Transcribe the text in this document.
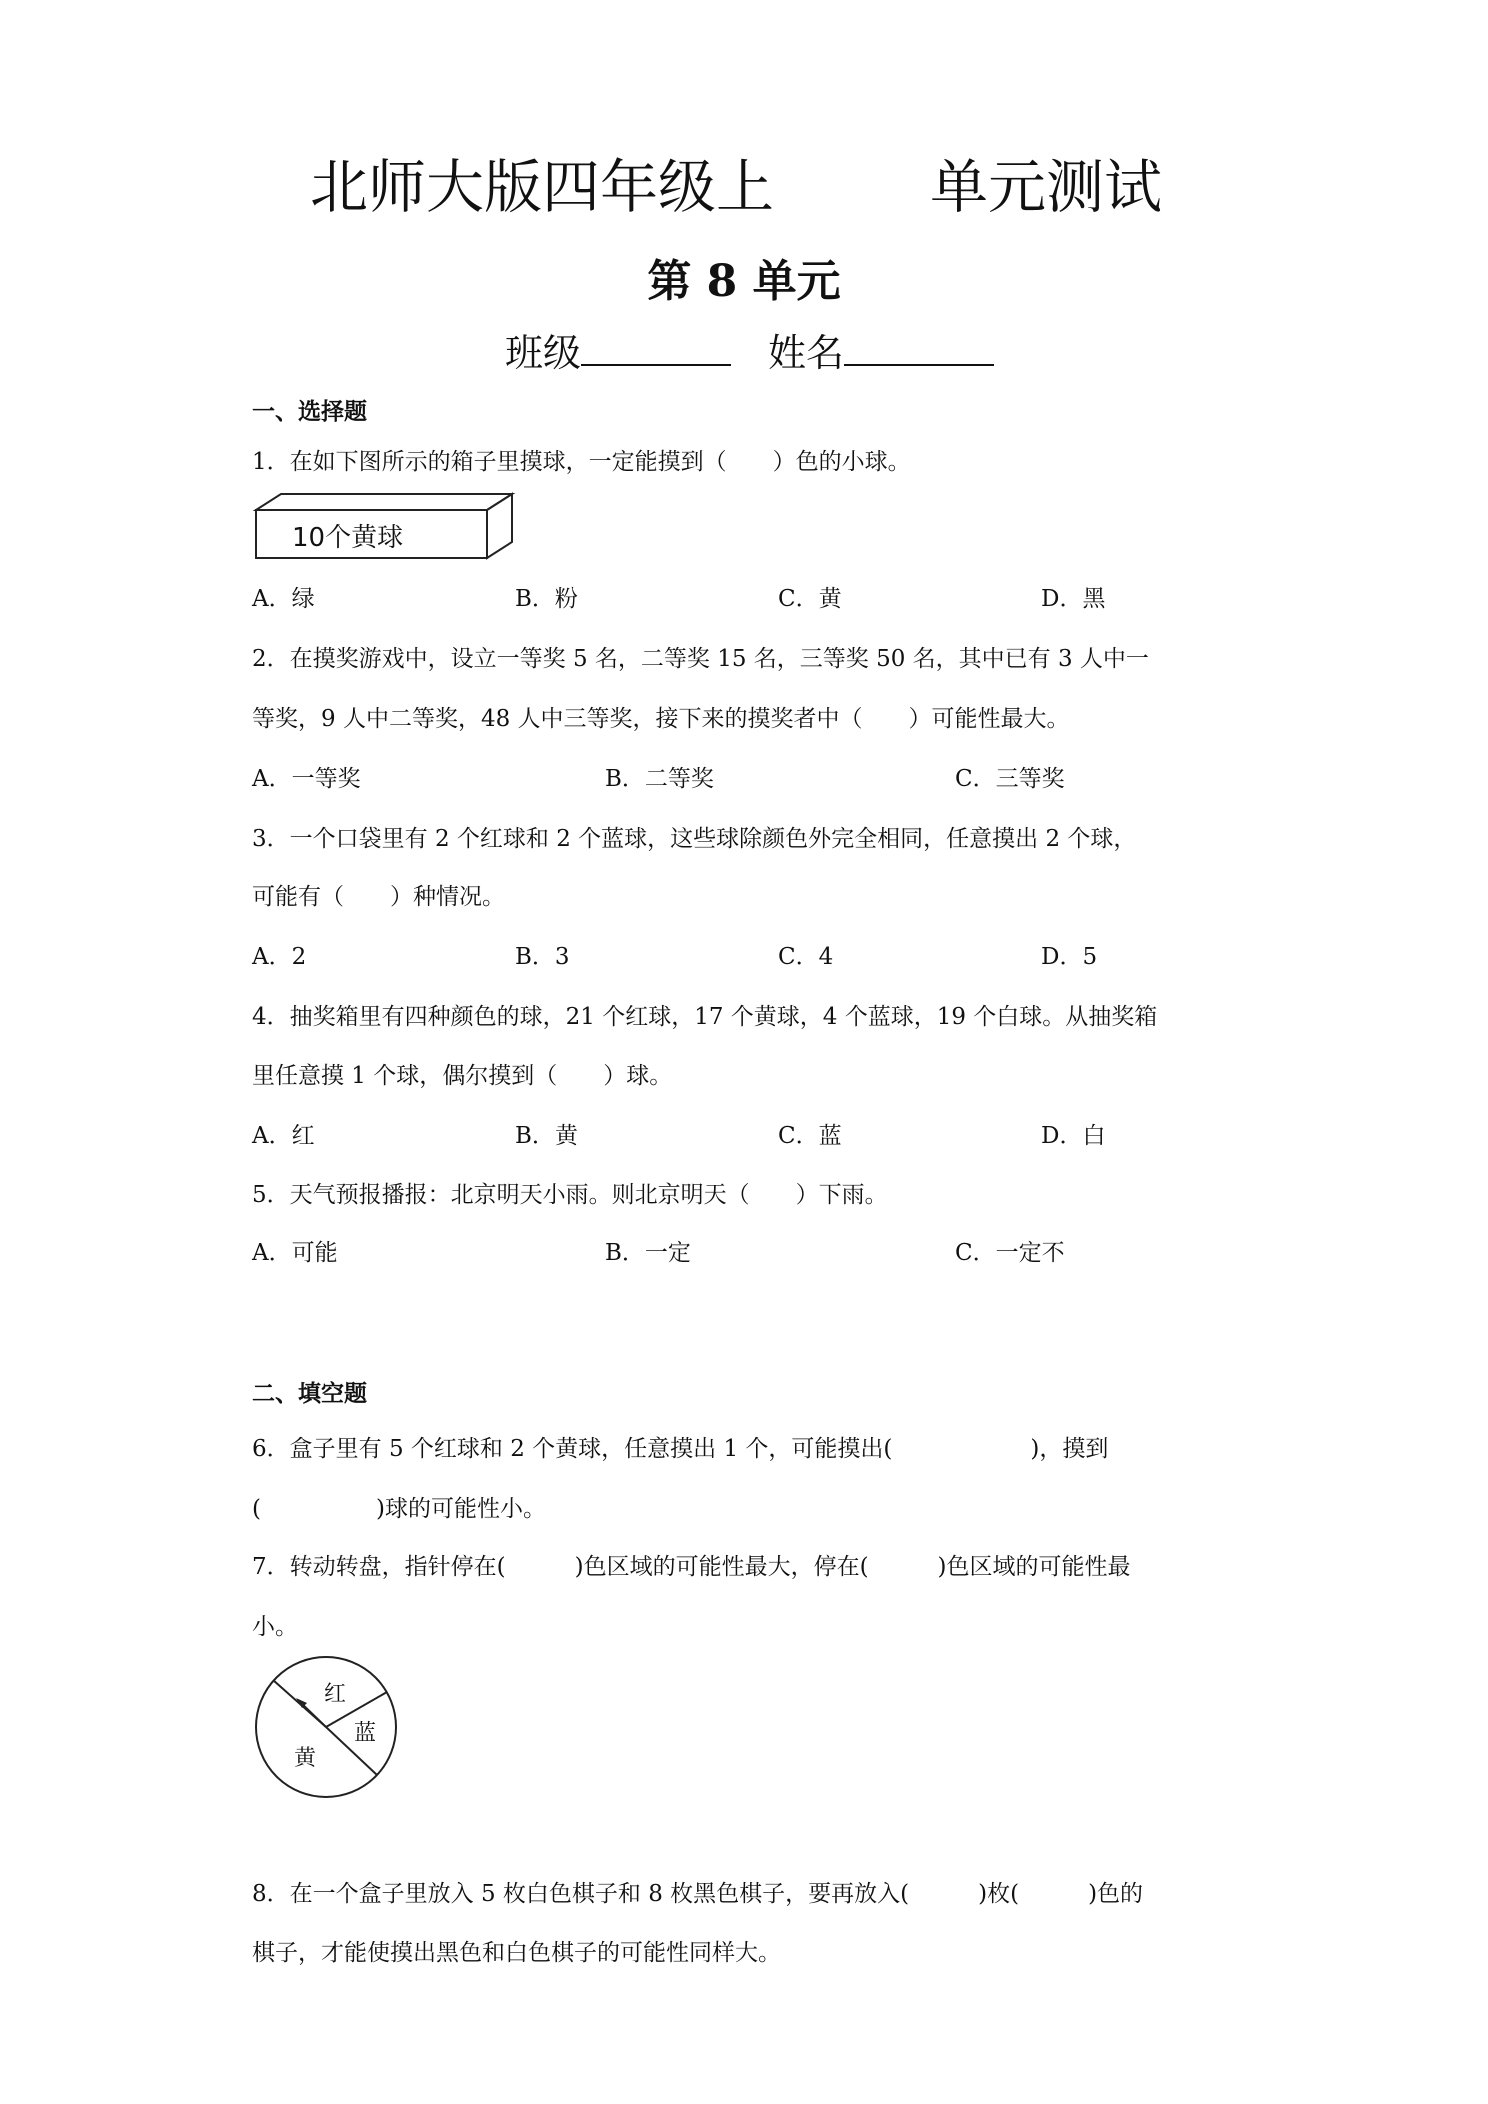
北师大版四年级上	单元测试
第 8 单元
班级	姓名
一、选择题
1．在如下图所示的箱子里摸球，一定能摸到（　　）色的小球。
10个黄球
A．绿	B．粉	C．黄	D．黑
2．在摸奖游戏中，设立一等奖 5 名，二等奖 15 名，三等奖 50 名，其中已有 3 人中一
等奖，9 人中二等奖，48 人中三等奖，接下来的摸奖者中（　　）可能性最大。
A．一等奖	B．二等奖	C．三等奖
3．一个口袋里有 2 个红球和 2 个蓝球，这些球除颜色外完全相同，任意摸出 2 个球，
可能有（　　）种情况。
A．2	B．3	C．4	D．5
4．抽奖箱里有四种颜色的球，21 个红球，17 个黄球，4 个蓝球，19 个白球。从抽奖箱
里任意摸 1 个球，偶尔摸到（　　）球。
A．红	B．黄	C．蓝	D．白
5．天气预报播报：北京明天小雨。则北京明天（　　）下雨。
A．可能	B．一定	C．一定不
二、填空题
6．盒子里有 5 个红球和 2 个黄球，任意摸出 1 个，可能摸出(　　　　　　)，摸到
(　　　　　)球的可能性小。
7．转动转盘，指针停在(　　　)色区域的可能性最大，停在(　　　)色区域的可能性最
小。
红
蓝
黄
8．在一个盒子里放入 5 枚白色棋子和 8 枚黑色棋子，要再放入(　　　)枚(　　　)色的
棋子，才能使摸出黑色和白色棋子的可能性同样大。
